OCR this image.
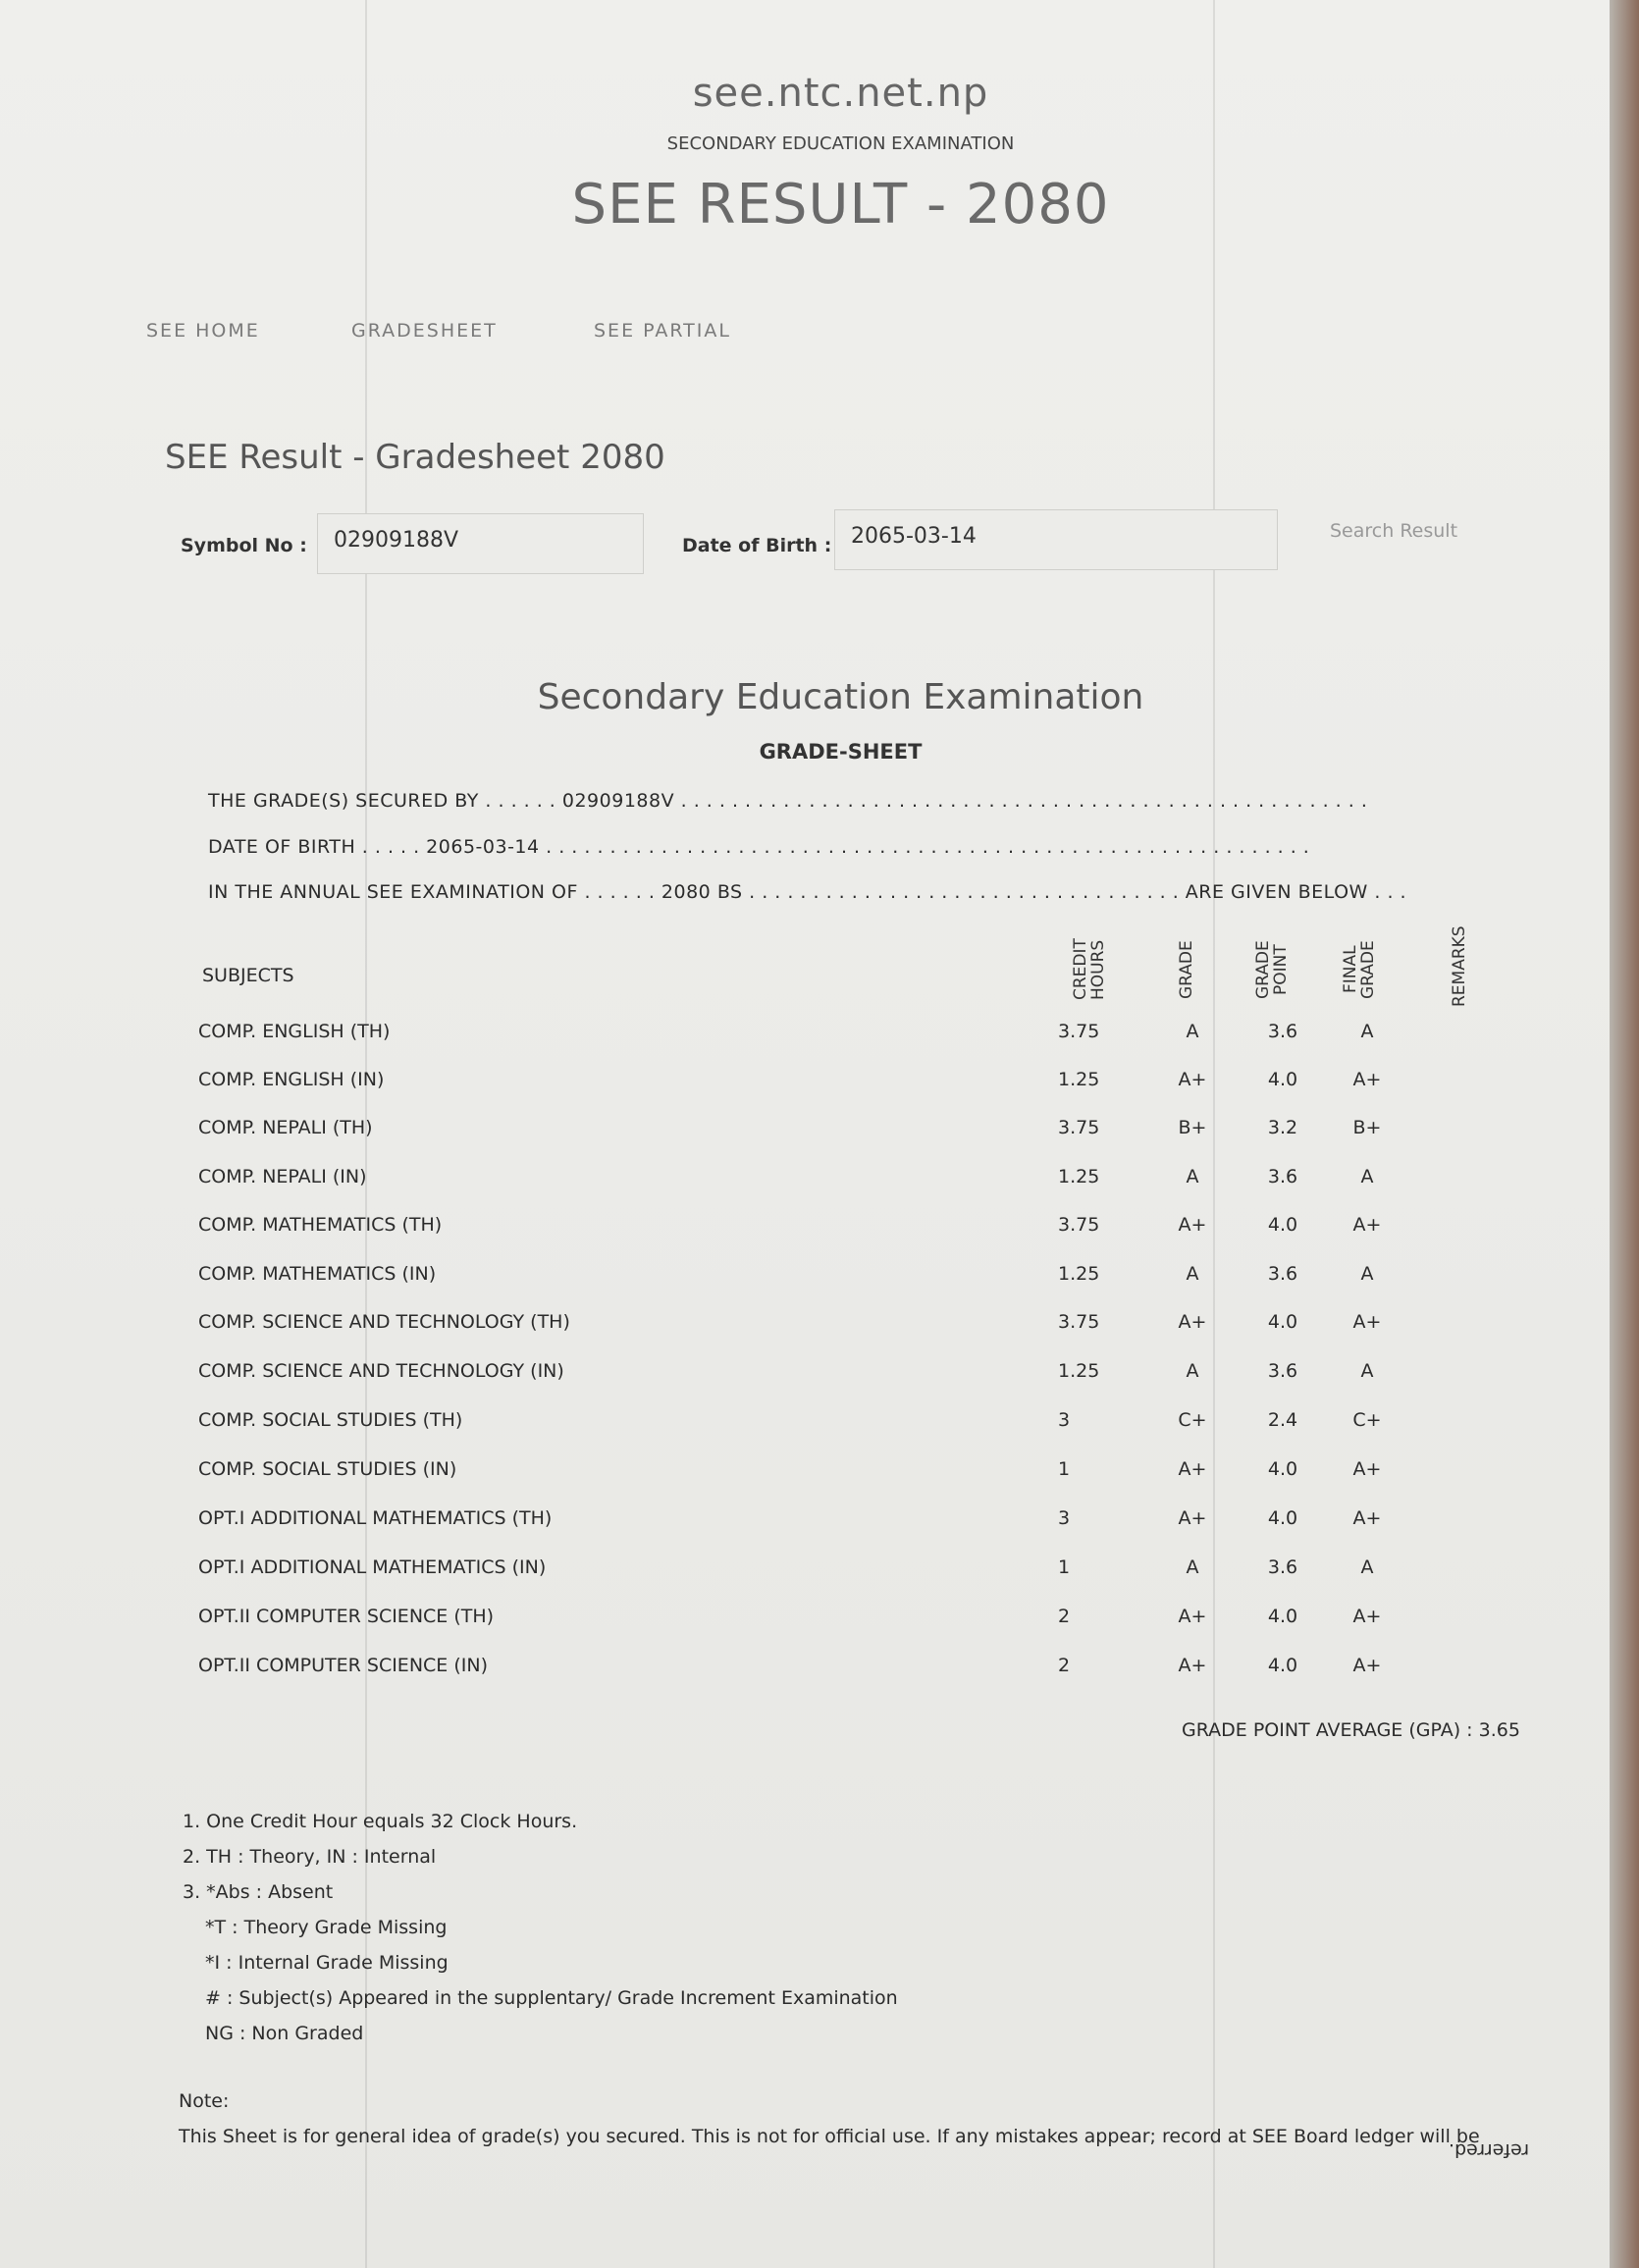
see.ntc.net.np
SECONDARY EDUCATION EXAMINATION
SEE RESULT - 2080
SEE HOME	GRADESHEET	SEE PARTIAL
SEE Result - Gradesheet 2080
Symbol No :	02909188V	Date of Birth : 2065-03-14	Search Result
Secondary Education Examination
GRADE-SHEET
THE GRADE(S) SECURED BY . . . . . . 02909188V . . . . . . . . . . . . . . . . . . . . . . . . . . . . . . . . . . . . . . . . . . . . . . . . . . . . . .
DATE OF BIRTH . . . . . 2065-03-14 . . . . . . . . . . . . . . . . . . . . . . . . . . . . . . . . . . . . . . . . . . . . . . . . . . . . . . . . . . . .
IN THE ANNUAL SEE EXAMINATION OF . . . . . . 2080 BS . . . . . . . . . . . . . . . . . . . . . . . . . . . . . . . . . . ARE GIVEN BELOW . . .
SUBJECTS	CREDIT HOURS	GRADE	GRADE POINT	FINAL GRADE	REMARKS
COMP. ENGLISH (TH)	3.75	A	3.6	A
COMP. ENGLISH (IN)	1.25	A+	4.0	A+
COMP. NEPALI (TH)	3.75	B+	3.2	B+
COMP. NEPALI (IN)	1.25	A	3.6	A
COMP. MATHEMATICS (TH)	3.75	A+	4.0	A+
COMP. MATHEMATICS (IN)	1.25	A	3.6	A
COMP. SCIENCE AND TECHNOLOGY (TH)	3.75	A+	4.0	A+
COMP. SCIENCE AND TECHNOLOGY (IN)	1.25	A	3.6	A
COMP. SOCIAL STUDIES (TH)	3	C+	2.4	C+
COMP. SOCIAL STUDIES (IN)	1	A+	4.0	A+
OPT.I ADDITIONAL MATHEMATICS (TH)	3	A+	4.0	A+
OPT.I ADDITIONAL MATHEMATICS (IN)	1	A	3.6	A
OPT.II COMPUTER SCIENCE (TH)	2	A+	4.0	A+
OPT.II COMPUTER SCIENCE (IN)	2	A+	4.0	A+
GRADE POINT AVERAGE (GPA) : 3.65
1. One Credit Hour equals 32 Clock Hours.
2. TH : Theory, IN : Internal
3. *Abs : Absent
*T : Theory Grade Missing
*I : Internal Grade Missing
# : Subject(s) Appeared in the supplentary/ Grade Increment Examination
NG : Non Graded
Note:
This Sheet is for general idea of grade(s) you secured. This is not for official use. If any mistakes appear; record at SEE Board ledger will be
referred.
